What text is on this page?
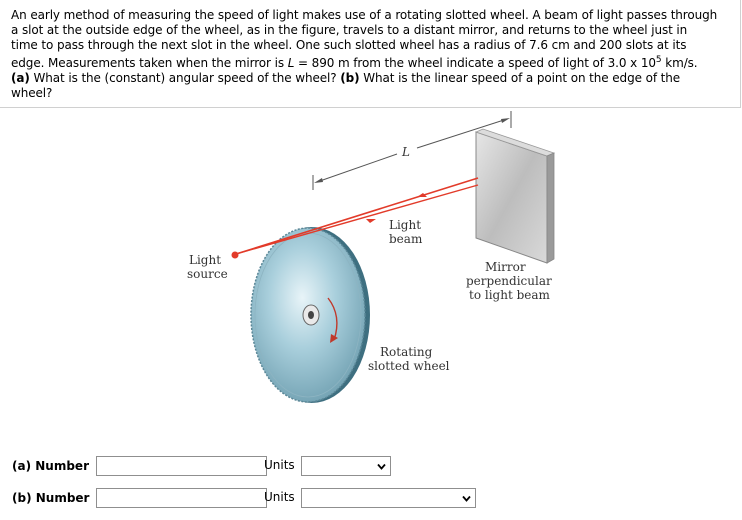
An early method of measuring the speed of light makes use of a rotating slotted wheel. A beam of light passes through
a slot at the outside edge of the wheel, as in the figure, travels to a distant mirror, and returns to the wheel just in
time to pass through the next slot in the wheel. One such slotted wheel has a radius of 7.6 cm and 200 slots at its
edge. Measurements taken when the mirror is L = 890 m from the wheel indicate a speed of light of 3.0 x $10^5$ km/s.
(a) What is the (constant) angular speed of the wheel? (b) What is the linear speed of a point on the edge of the
wheel?
L
Light
beam
Light
source	Mirror
perpendicular
to light beam
Rotating
slotted wheel
(a) Number	Units
(b) Number	Units
